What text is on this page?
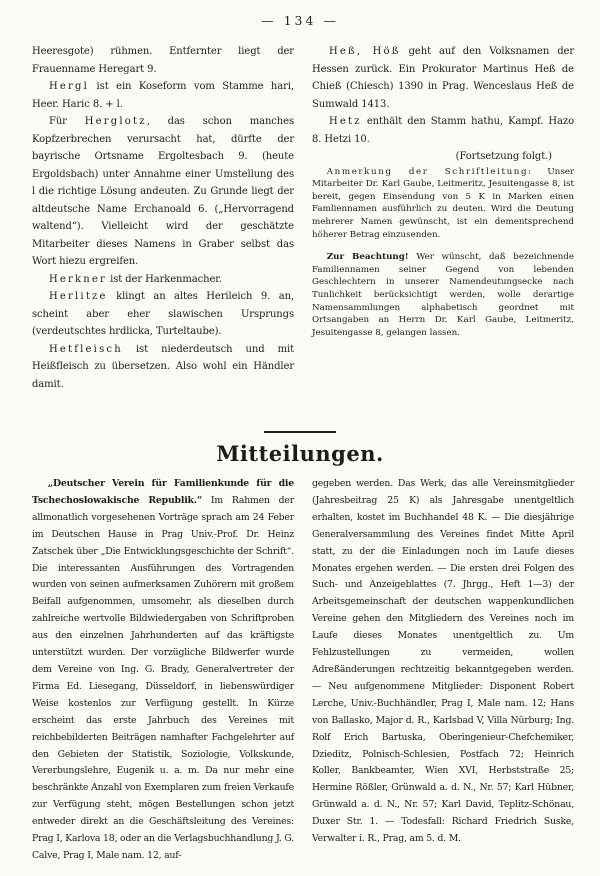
— 134 —

Heeresgote) rühmen. Entfernter liegt der Frauenname Heregart 9.

Hergl ist ein Koseform vom Stamme hari, Heer. Haric 8. + l.

Für Herglotz, das schon manches Kopfzerbrechen verursacht hat, dürfte der bayrische Ortsname Ergoltesbach 9. (heute Ergoldsbach) unter Annahme einer Umstellung des l die richtige Lösung andeuten. Zu Grunde liegt der altdeutsche Name Erchanoald 6. („Hervorragend waltend“). Vielleicht wird der geschätzte Mitarbeiter dieses Namens in Graber selbst das Wort hiezu ergreifen.

Herkner ist der Harkenmacher.

Herlitze klingt an altes Herileich 9. an, scheint aber eher slawischen Ursprungs (verdeutschtes hrdlicka, Turteltaube).

Hetfleisch ist niederdeutsch und mit Heißfleisch zu übersetzen. Also wohl ein Händler damit.

Heß, Höß geht auf den Volksnamen der Hessen zurück. Ein Prokurator Martinus Heß de Chieß (Chiesch) 1390 in Prag. Wenceslaus Heß de Sumwald 1413.

Hetz enthält den Stamm hathu, Kampf. Hazo 8. Hetzi 10.

(Fortsetzung folgt.)

Anmerkung der Schriftleitung: Unser Mitarbeiter Dr. Karl Gaube, Leitmeritz, Jesuitengasse 8, ist bereit, gegen Einsendung von 5 K in Marken einen Famliennamen ausführlich zu deuten. Wird die Deutung mehrerer Namen gewünscht, ist ein dementsprechend höherer Betrag einzusenden.

Zur Beachtung! Wer wünscht, daß bezeichnende Familiennamen seiner Gegend von lebenden Geschlechtern in unserer Namendeutungsecke nach Tunlichkeit berücksichtigt werden, wolle derartige Namensammlungen alphabetisch geordnet mit Ortsangaben an Herrn Dr. Karl Gaube, Leitmeritz, Jesuitengasse 8, gelangen lassen.

Mitteilungen.

„Deutscher Verein für Familienkunde für die Tschechoslowakische Republik.“ Im Rahmen der allmonatlich vorgesehenen Vorträge sprach am 24 Feber im Deutschen Hause in Prag Univ.-Prof. Dr. Heinz Zatschek über „Die Entwicklungsgeschichte der Schrift“. Die interessanten Ausführungen des Vortragenden wurden von seinen aufmerksamen Zuhörern mit großem Beifall aufgenommen, umsomehr, als dieselben durch zahlreiche wertvolle Bildwiedergaben von Schriftproben aus den einzelnen Jahrhunderten auf das kräftigste unterstützt wurden. Der vorzügliche Bildwerfer wurde dem Vereine von Ing. G. Brady, Generalvertreter der Firma Ed. Liesegang, Düsseldorf, in liebenswürdiger Weise kostenlos zur Verfügung gestellt. In Kürze erscheint das erste Jahrbuch des Vereines mit reichbebilderten Beiträgen namhafter Fachgelehrter auf den Gebieten der Statistik, Soziologie, Volkskunde, Vererbungslehre, Eugenik u. a. m. Da nur mehr eine beschränkte Anzahl von Exemplaren zum freien Verkaufe zur Verfügung steht, mögen Bestellungen schon jetzt entweder direkt an die Geschäftsleitung des Vereines: Prag I, Karlova 18, oder an die Verlagsbuchhandlung J. G. Calve, Prag I, Male nam. 12, auf-

gegeben werden. Das Werk, das alle Vereinsmitglieder (Jahresbeitrag 25 K) als Jahresgabe unentgeltlich erhalten, kostet im Buchhandel 48 K. — Die diesjährige Generalversammlung des Vereines findet Mitte April statt, zu der die Einladungen noch im Laufe dieses Monates ergehen werden. — Die ersten drei Folgen des Such- und Anzeigeblattes (7. Jhrgg., Heft 1—3) der Arbeitsgemeinschaft der deutschen wappenkundlichen Vereine gehen den Mitgliedern des Vereines noch im Laufe dieses Monates unentgeltlich zu. Um Fehlzustellungen zu vermeiden, wollen Adreßänderungen rechtzeitig bekanntgegeben werden. — Neu aufgenommene Mitglieder: Disponent Robert Lerche, Univ.-Buchhändler, Prag I, Male nam. 12; Hans von Ballasko, Major d. R., Karlsbad V, Villa Nürburg; Ing. Rolf Erich Bartuska, Oberingenieur-Chefchemiker, Dzieditz, Polnisch-Schlesien, Postfach 72; Heinrich Koller, Bankbeamter, Wien XVI, Herbststraße 25; Hermine Rößler, Grünwald a. d. N., Nr. 57; Karl Hübner, Grünwald a. d. N., Nr. 57; Karl David, Teplitz-Schönau, Duxer Str. 1. — Todesfall: Richard Friedrich Suske, Verwalter i. R., Prag, am 5. d. M.
